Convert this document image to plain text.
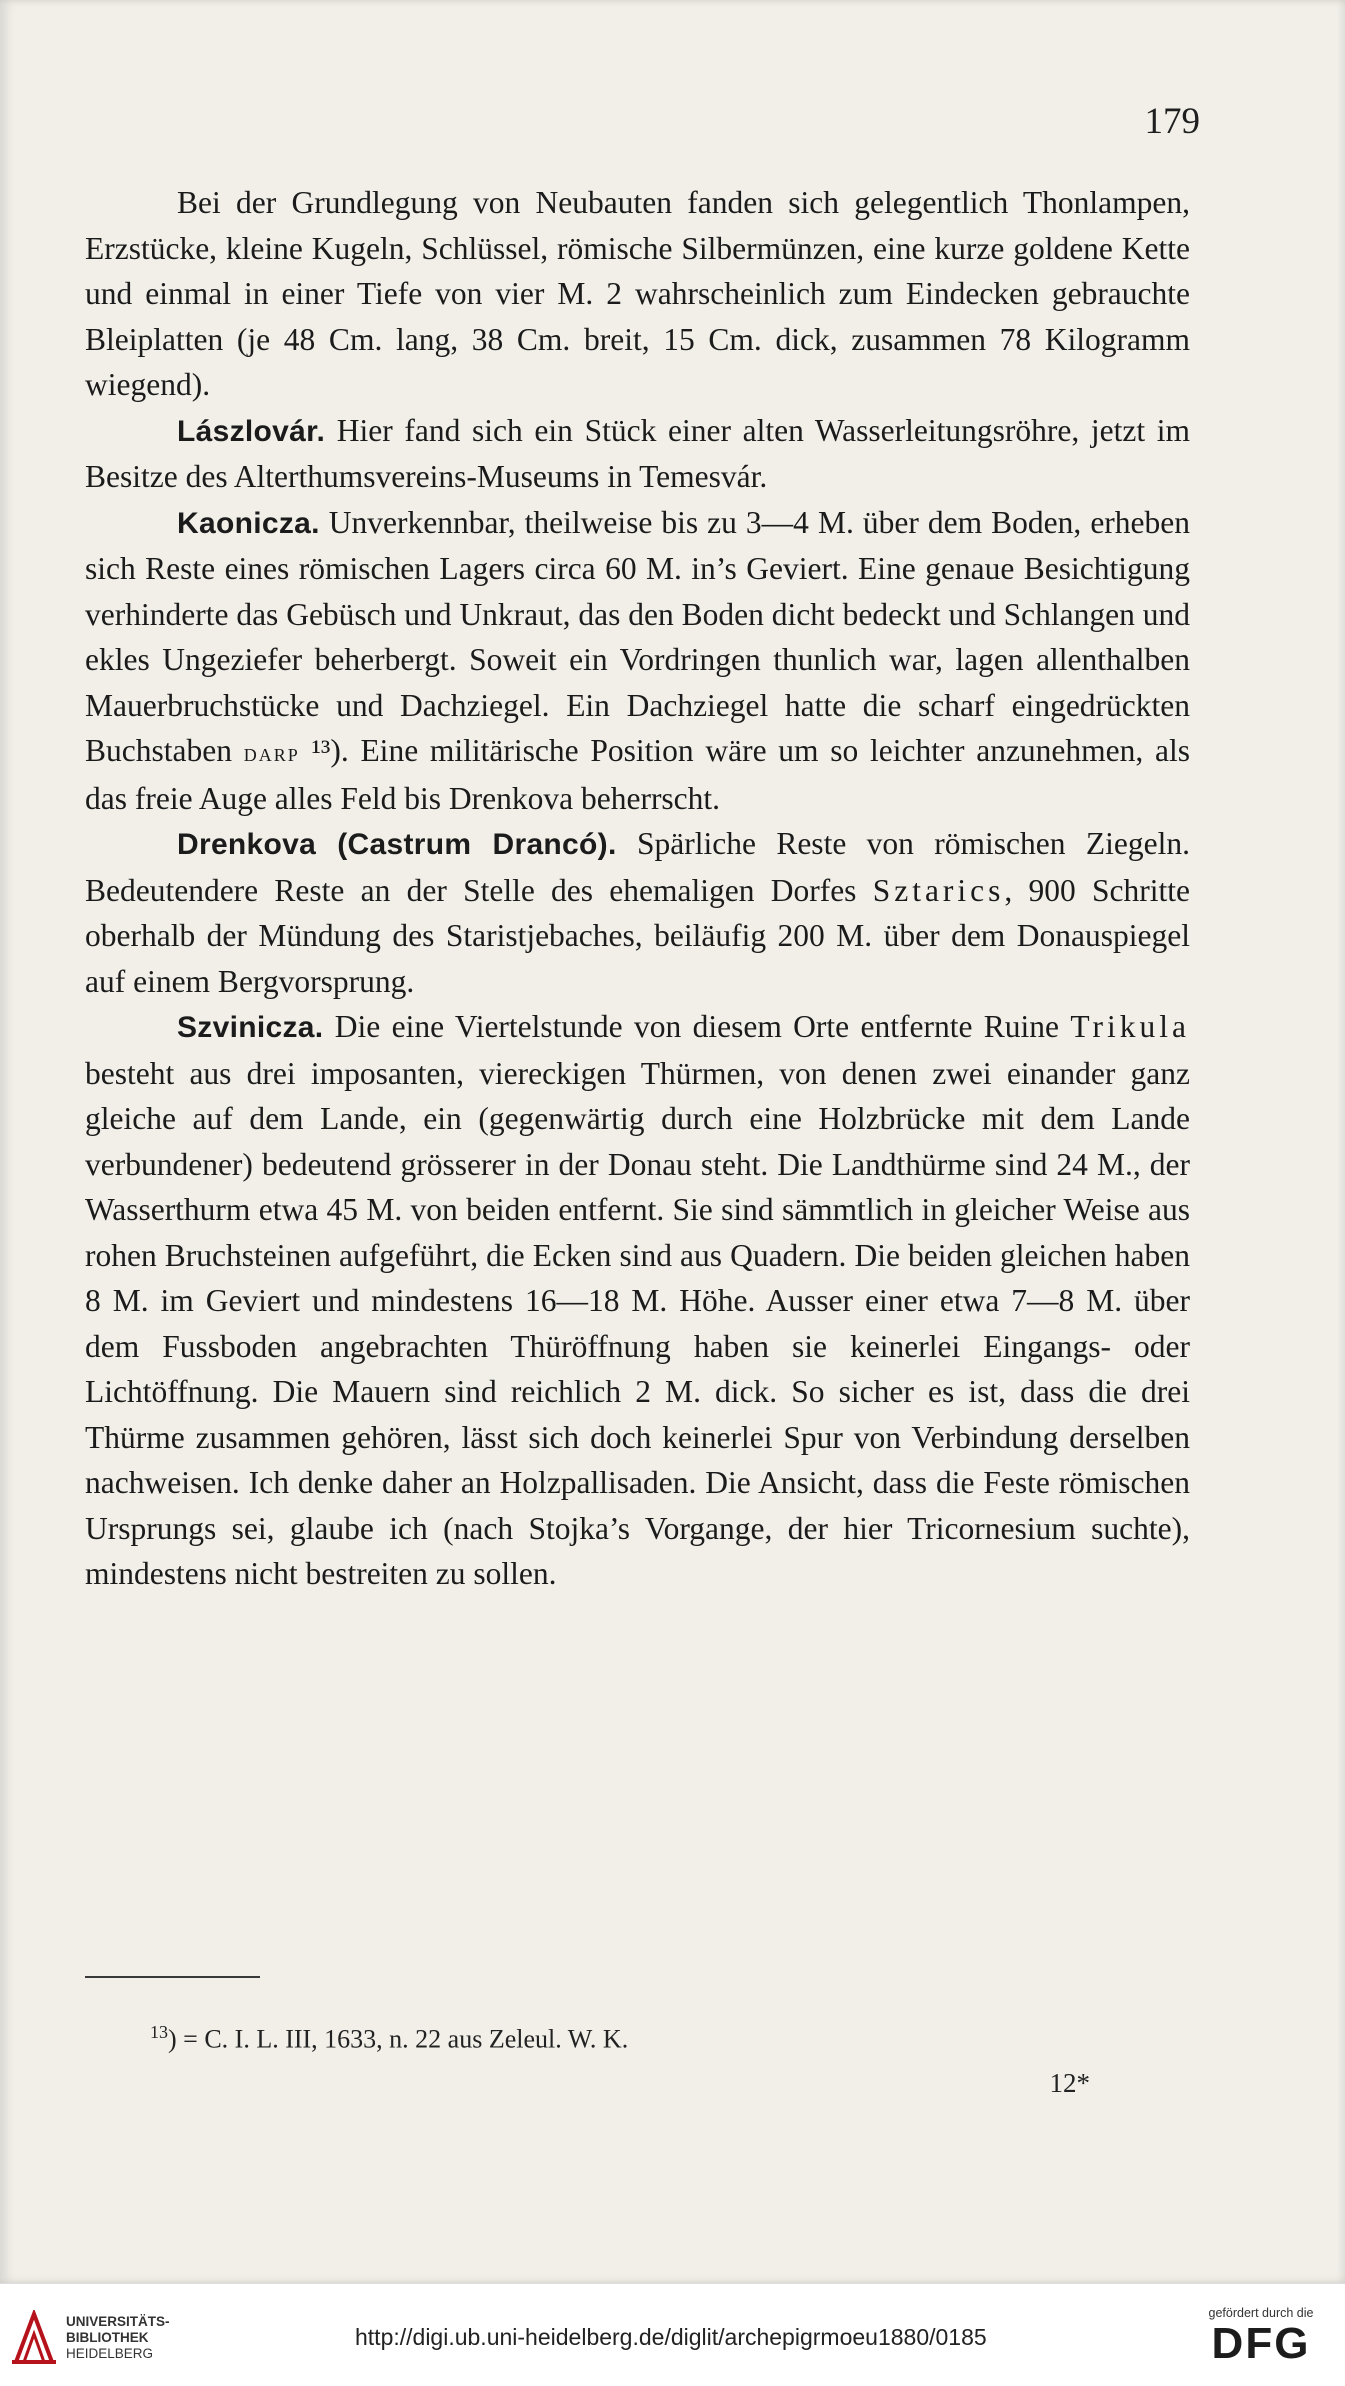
179

Bei der Grundlegung von Neubauten fanden sich gelegentlich Thonlampen, Erzstücke, kleine Kugeln, Schlüssel, römische Silbermünzen, eine kurze goldene Kette und einmal in einer Tiefe von vier M. 2 wahrscheinlich zum Eindecken gebrauchte Bleiplatten (je 48 Cm. lang, 38 Cm. breit, 15 Cm. dick, zusammen 78 Kilogramm wiegend).

Lászlovár. Hier fand sich ein Stück einer alten Wasserleitungsröhre, jetzt im Besitze des Alterthumsvereins-Museums in Temesvár.

Kaonicza. Unverkennbar, theilweise bis zu 3—4 M. über dem Boden, erheben sich Reste eines römischen Lagers circa 60 M. in’s Geviert. Eine genaue Besichtigung verhinderte das Gebüsch und Unkraut, das den Boden dicht bedeckt und Schlangen und ekles Ungeziefer beherbergt. Soweit ein Vordringen thunlich war, lagen allenthalben Mauerbruchstücke und Dachziegel. Ein Dachziegel hatte die scharf eingedrückten Buchstaben darp ¹³). Eine militärische Position wäre um so leichter anzunehmen, als das freie Auge alles Feld bis Drenkova beherrscht.

Drenkova (Castrum Drancó). Spärliche Reste von römischen Ziegeln. Bedeutendere Reste an der Stelle des ehemaligen Dorfes Sztarics, 900 Schritte oberhalb der Mündung des Staristjebaches, beiläufig 200 M. über dem Donauspiegel auf einem Bergvorsprung.

Szvinicza. Die eine Viertelstunde von diesem Orte entfernte Ruine Trikula besteht aus drei imposanten, viereckigen Thürmen, von denen zwei einander ganz gleiche auf dem Lande, ein (gegenwärtig durch eine Holzbrücke mit dem Lande verbundener) bedeutend grösserer in der Donau steht. Die Landthürme sind 24 M., der Wasserthurm etwa 45 M. von beiden entfernt. Sie sind sämmtlich in gleicher Weise aus rohen Bruchsteinen aufgeführt, die Ecken sind aus Quadern. Die beiden gleichen haben 8 M. im Geviert und mindestens 16—18 M. Höhe. Ausser einer etwa 7—8 M. über dem Fussboden angebrachten Thüröffnung haben sie keinerlei Eingangs- oder Lichtöffnung. Die Mauern sind reichlich 2 M. dick. So sicher es ist, dass die drei Thürme zusammen gehören, lässt sich doch keinerlei Spur von Verbindung derselben nachweisen. Ich denke daher an Holzpallisaden. Die Ansicht, dass die Feste römischen Ursprungs sei, glaube ich (nach Stojka’s Vorgange, der hier Tricornesium suchte), mindestens nicht bestreiten zu sollen.

$^{13}$) = C. I. L. III, 1633, n. 22 aus Zeleul. W. K.
12*
UNIVERSITÄTS-
BIBLIOTHEK
HEIDELBERG
http://digi.ub.uni-heidelberg.de/diglit/archepigrmoeu1880/0185
gefördert durch die
DFG
